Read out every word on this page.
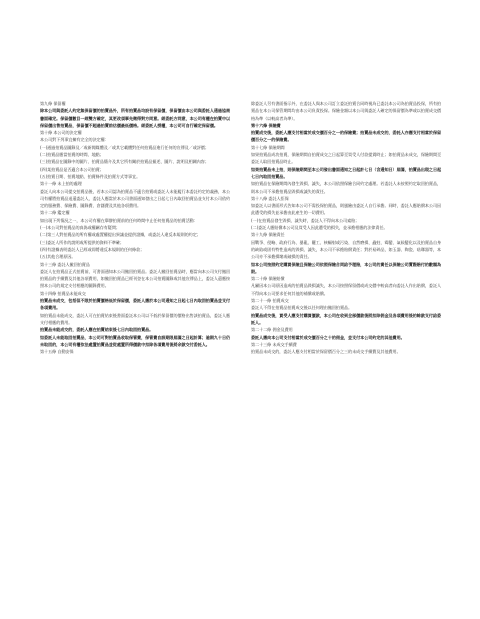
第九條 保留權

除本公司與委託人約定無保留價的拍賣品外，所有拍賣品均設有保留價，保留價由本公司與委託人通過協商書面確定。保留價數目一經雙方確定，其更改須事先徵得對方同意。經委託方同意，本公司有權在拍賣中以保留價出售拍賣品，保留價不超過拍賣前估價最低價格。經委託人授權，本公司可自行確定保留價。

第十條 本公司的決定權

本公司對下列事宜擁有完全的決定權：

(一)通過拍賣品圖錄及／或新聞媒體及／或其它載體對任何拍賣品進行任何的宣傳及／或評價；

(二)拍賣品應當拍賣的時間、地點；

(三)拍賣品在圖錄中的圖片、拍賣品簡介及其它所有關於拍賣品描述、圖片、說明及相關內容；

(四)某拍賣品是否適合本公司拍賣；

(五)拍賣日期、拍賣地點、拍賣條件及拍賣方式等事宜。

第十一條 未上拍的處理

委託人向本公司提交拍賣品後，若本公司認為拍賣品不適合拍賣或委託人未能履行本委託約定的義務，本公司有權將拍賣品退還委託人，委託人應當於本公司書面通知發出之日起七日內取回拍賣品並支付本公司依約定的服務費、保險費、圖錄費、倉儲費及其他各項費用。

第十二條 鑑定權

如出現下列情況之一，本公司有權在舉辦拍賣前的任何時間中止任何拍賣品的拍賣活動：

(一)本公司對拍賣品的真偽或權屬存有疑問；

(二)第三人對拍賣品的所有權或處置權提出異議並提供證據，或委託人違反本規則的約定；

(三)委託人所作的說明或所提供的資料不準確；

(四)有證據表明委託人已經或即將違反本規則的任何條款；

(五)其他合理原因。

第十三條 委託人撤回拍賣品

委託人在拍賣品正式拍賣前，可書面通知本公司撤回拍賣品。委託人撤回拍賣品時，應當向本公司支付撤回拍賣品的手續費及其他各項費用，如撤回拍賣品已經刊登在本公司拍賣圖錄或其他宣傳品上，委託人還應按照本公司的規定支付相應的圖錄費用。

第十四條 拍賣品未能成交

拍賣品未成交，包括但不限於拍賣價格低於保留價，委託人應於本公司通知之日起七日內取回拍賣品並支付各項費用。

如拍賣品未能成交，委託人可在拍賣結束後書面委託本公司以不低於保留價的價格出售該拍賣品，委託人應支付相應的費用。

拍賣品未能成交的，委託人應在拍賣結束後七日內取回拍賣品。

如委託人未能取回拍賣品，本公司可對拍賣品收取保管費，保管費自該期限屆滿之日起計算；逾期九十日仍未取回的，本公司有權依法處置拍賣品並從處置所得價款中扣除各項費用後將余款交付委託人。

第十五條 自動安保

除委託人另有書面指示外，在委託人與本公司訂立委託拍賣合同時視為已委託本公司為拍賣品投保，所有拍賣品在本公司保管期間均由本公司負責投保。保險金額以本公司與委託人確定的保留價為準或以拍賣成交價格為準（以較高者為準）。

第十六條 保險費

拍賣成交後，委託人應支付相當於成交價百分之一的保險費；拍賣品未成交的，委託人亦應支付相當於保留價百分之一的保險費。

第十七條 保險期間

如果拍賣品成功拍賣，保險期間自拍賣成交之日起算至買受人付款提貨時止；如拍賣品未成交，保險期間至委託人取回拍賣品時止。

如果拍賣品未上拍，則保險期間至本公司發出書面通知之日起計七日（含通知日）屆滿，拍賣品出現之日起七日內取回拍賣品。

如拍賣品在保險期間內發生毀損、滅失，本公司依照保險合同約定處理。若委託人未按照約定取回拍賣品，則本公司不承擔拍賣品毀損或滅失的責任。

第十八條 委託人拒保

如委託人以書面形式告知本公司不需投保拍賣品，則風險由委託人自行承擔。同時，委託人應賠償本公司因此遭受的損失並承擔由此產生的一切費用。

(一)在拍賣品發生毀損、滅失時，委託人不得向本公司索賠；

(二)委託人應賠償本公司及買受人因此遭受的損失，並承擔相應的法律責任。

第十九條 保險責任

因戰爭、侵略、政府行為、暴亂、罷工、核輻射或污染、自然磨損、蟲蛀、霉變、氣候變化以及拍賣品自身的缺陷或固有特性造成的毀損、滅失，本公司不承擔賠償責任；對於易碎品，如玉器、陶瓷、琺瑯器等，本公司亦不承擔損壞或破損的責任。

如本公司按照約定購買保險且保險公司依照保險合同給予理賠，本公司的責任以保險公司實際賠付的數額為限。

第二十條 保險賠償

凡屬因本公司原因造成的拍賣品毀損滅失，本公司按照保留價或成交價中較高者向委託人作出賠償，委託人不得向本公司要求任何其他的補償或賠償。

第二十一條 拍賣成交

委託人不得在拍賣品拍賣成交後以任何理由撤回拍賣品。

拍賣品成交後，買受人應支付購買價款，本公司在收到全部價款後將扣除佣金及各項費用後的餘款支付給委託人。

第二十二條 佣金及費用

委託人應向本公司支付相當於成交價百分之十的佣金，並支付本公司約定的其他費用。

第二十三條 未成交手續費

拍賣品未成交的，委託人應支付相當於保留價百分之三的未成交手續費及其他費用。
